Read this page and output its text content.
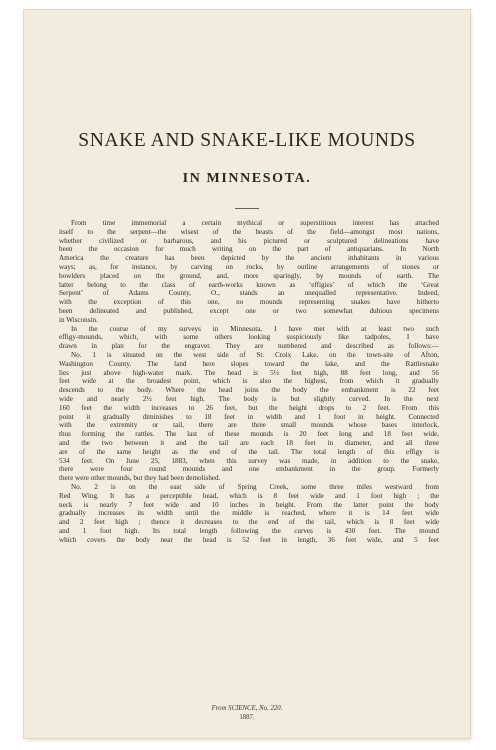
SNAKE AND SNAKE-LIKE MOUNDS
IN MINNESOTA.
From time immemorial a certain mythical or superstitious interest has attached
itself to the serpent—the wisest of the beasts of the field—amongst most nations,
whether civilized or barbarous, and his pictured or sculptured delineations have
been the occasion for much writing on the part of antiquarians. In North
America the creature has been depicted by the ancient inhabitants in various
ways; as, for instance, by carving on rocks, by outline arrangements of stones or
bowlders placed on the ground, and, more sparingly, by mounds of earth. The
latter belong to the class of earth-works known as ‘effigies’ of which the ‘Great
Serpent’ of Adams County, O., stands an unequalled representative. Indeed,
with the exception of this one, no mounds representing snakes have hitherto
been delineated and published, except one or two somewhat dubious specimens
in Wisconsin.
In the course of my surveys in Minnesota, I have met with at least two such
effigy-mounds, which, with some others looking suspiciously like tadpoles, I have
drawn in plan for the engraver. They are numbered and described as follows:—
No. 1 is situated on the west side of St. Croix Lake, on the town-site of Afton,
Washington County. The land here slopes toward the lake, and the Rattlesnake
lies just above high-water mark. The head is 5½ feet high, 88 feet long, and 56
feet wide at the broadest point, which is also the highest, from which it gradually
descends to the body. Where the head joins the body the embankment is 22 feet
wide and nearly 2½ feet high. The body is but slightly curved. In the next
160 feet the width increases to 26 feet, but the height drops to 2 feet. From this
point it gradually diminishes to 18 feet in width and 1 foot in height. Connected
with the extremity or tail, there are three small mounds whose bases interlock,
thus forming the rattles. The last of these mounds is 20 feet long and 18 feet wide,
and the two between it and the tail are each 18 feet in diameter, and all three
are of the same height as the end of the tail. The total length of this effigy is
534 feet. On June 25, 1883, when this survey was made, in addition to the snake,
there were four round mounds and one embankment in the group. Formerly
there were other mounds, but they had been demolished.
No. 2 is on the east side of Spring Creek, some three miles westward from
Red Wing. It has a perceptible head, which is 8 feet wide and 1 foot high ; the
neck is nearly 7 feet wide and 10 inches in height. From the latter point the body
gradually increases its width until the middle is reached, where it is 14 feet wide
and 2 feet high ; thence it decreases to the end of the tail, which is 8 feet wide
and 1 foot high. Its total length following the curves is 430 feet. The mound
which covers the body near the head is 52 feet in length, 36 feet wide, and 5 feet
From SCIENCE, No. 220.
1887.
